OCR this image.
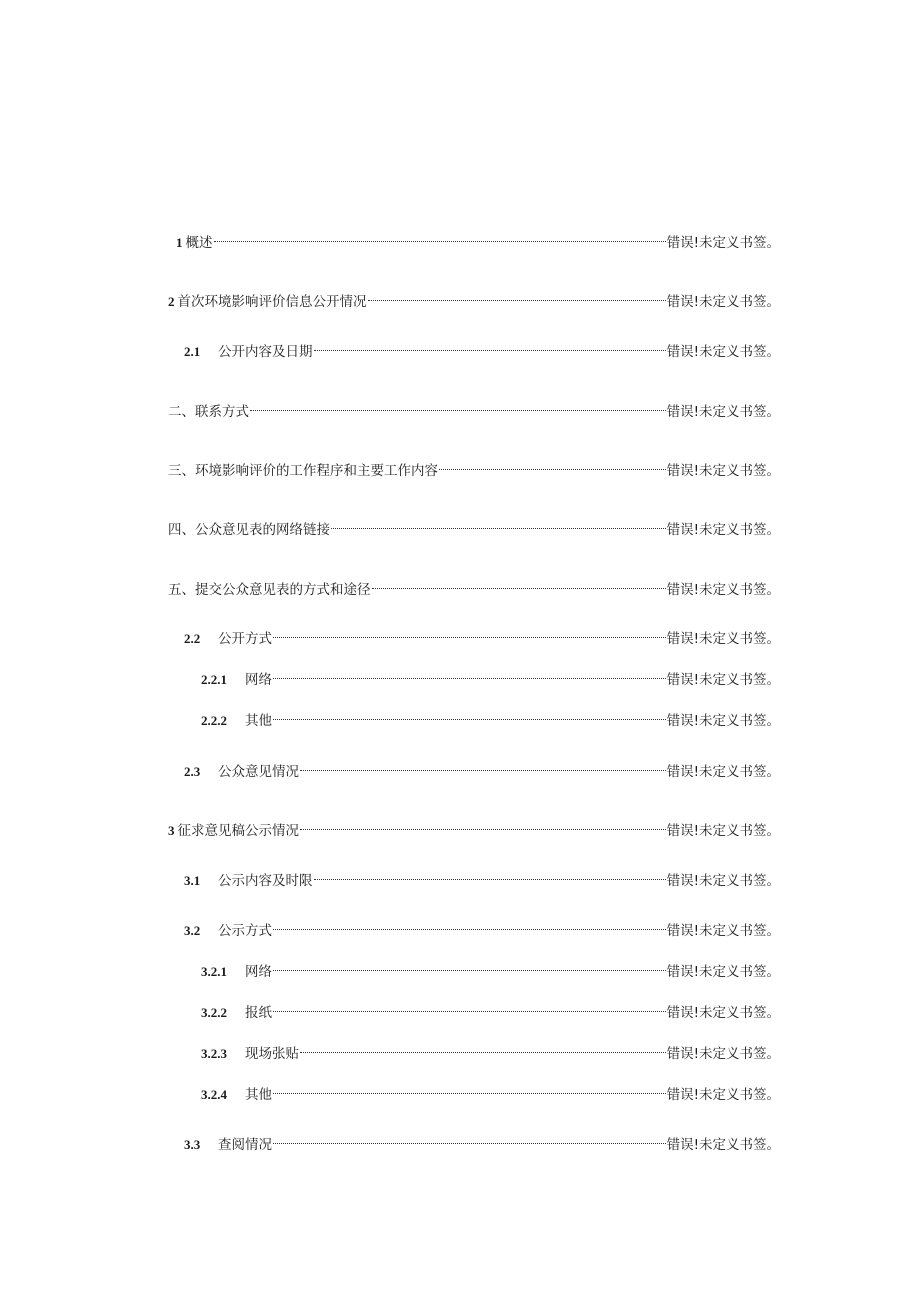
1 概述	错误!未定义书签。
2 首次环境影响评价信息公开情况	错误!未定义书签。
2.1	公开内容及日期	错误!未定义书签。
二、联系方式	错误!未定义书签。
三、环境影响评价的工作程序和主要工作内容	错误!未定义书签。
四、公众意见表的网络链接	错误!未定义书签。
五、提交公众意见表的方式和途径	错误!未定义书签。
2.2	公开方式	错误!未定义书签。
2.2.1	网络	错误!未定义书签。
2.2.2	其他	错误!未定义书签。
2.3	公众意见情况	错误!未定义书签。
3 征求意见稿公示情况	错误!未定义书签。
3.1	公示内容及时限	错误!未定义书签。
3.2	公示方式	错误!未定义书签。
3.2.1	网络	错误!未定义书签。
3.2.2	报纸	错误!未定义书签。
3.2.3	现场张贴	错误!未定义书签。
3.2.4	其他	错误!未定义书签。
3.3	查阅情况	错误!未定义书签。
